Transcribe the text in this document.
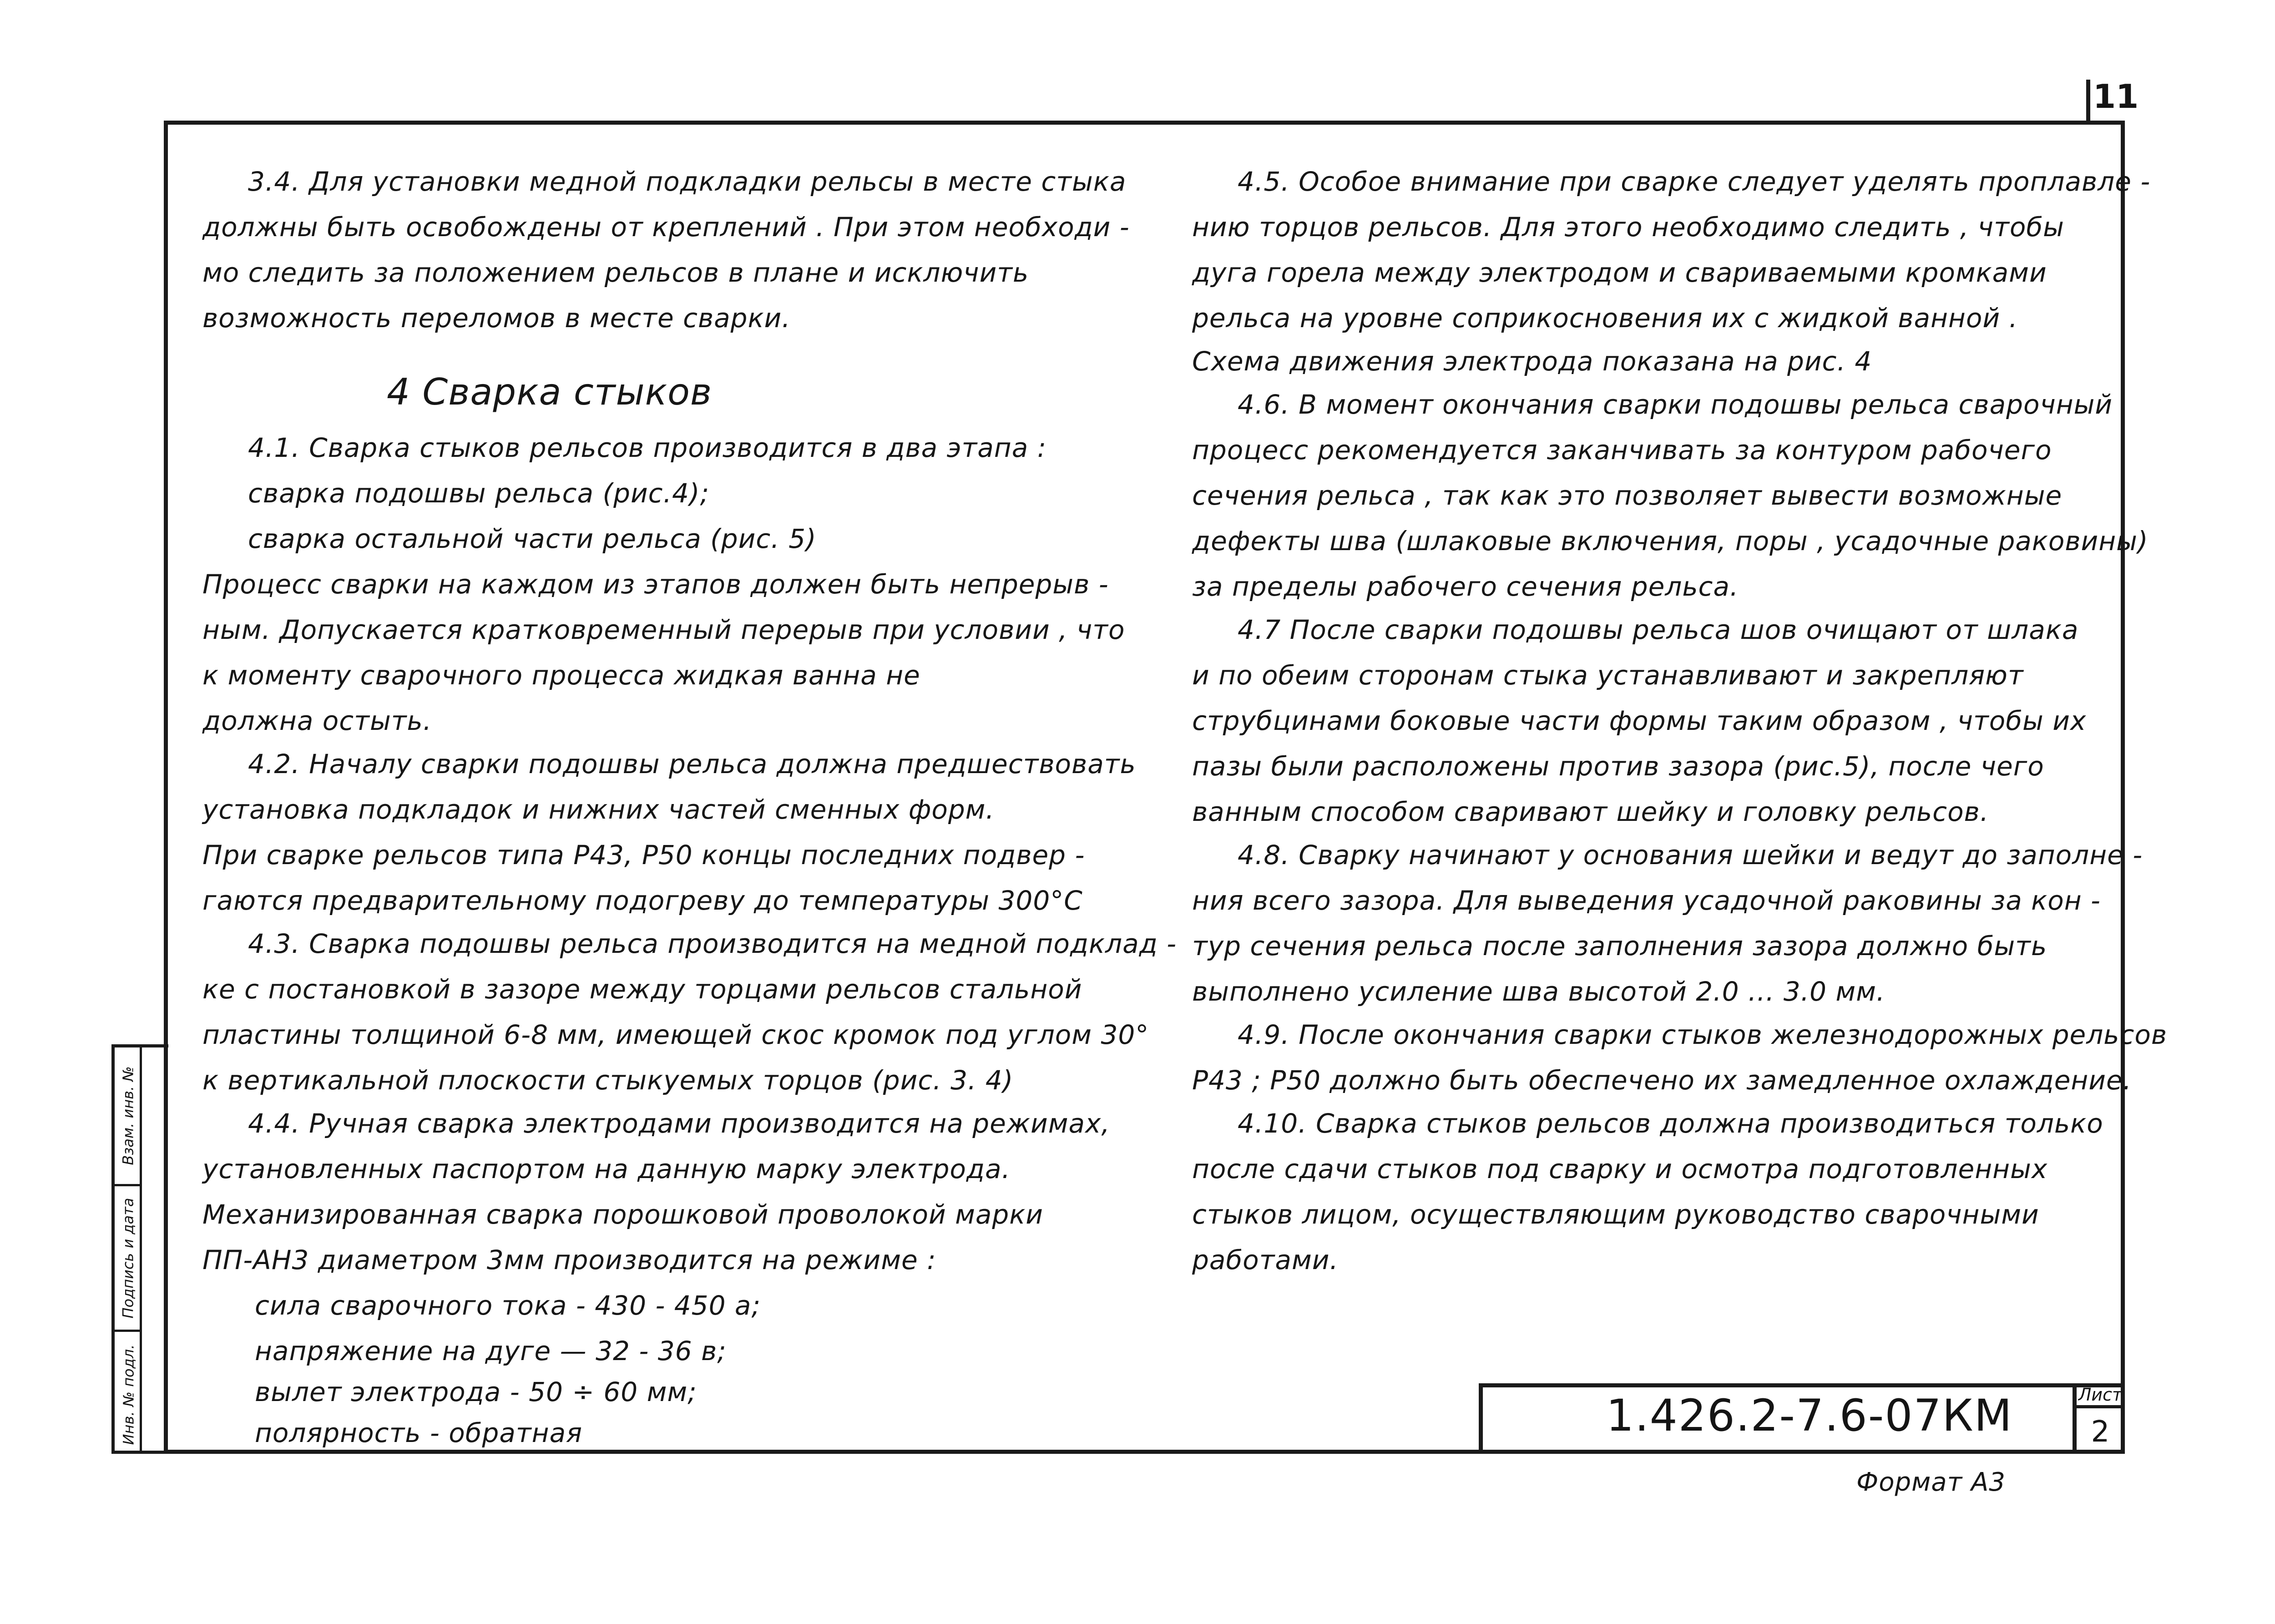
11
Взам. инв. №
Подпись и дата
Инв. № подл.
3.4. Для установки медной подкладки рельсы в месте стыка
должны быть освобождены от креплений . При этом необходи -
мо следить за положением рельсов в плане и исключить
возможность переломов в месте сварки.
4 Сварка стыков
4.1. Сварка стыков рельсов производится в два этапа :
сварка подошвы рельса (рис.4);
сварка остальной части рельса (рис. 5)
Процесс сварки на каждом из этапов должен быть непрерыв -
ным. Допускается кратковременный перерыв при условии , что
к моменту сварочного процесса жидкая ванна не
должна остыть.
4.2. Началу сварки подошвы рельса должна предшествовать
установка подкладок и нижних частей сменных форм.
При сварке рельсов типа Р43, Р50 концы последних подвер -
гаются предварительному подогреву до температуры 300°С
4.3. Сварка подошвы рельса производится на медной подклад -
ке с постановкой в зазоре между торцами рельсов стальной
пластины толщиной 6-8 мм, имеющей скос кромок под углом 30°
к вертикальной плоскости стыкуемых торцов (рис. 3. 4)
4.4. Ручная сварка электродами производится на режимах,
установленных паспортом на данную марку электрода.
Механизированная сварка порошковой проволокой марки
ПП-АН3 диаметром 3мм производится на режиме :
сила сварочного тока - 430 - 450 а;
напряжение на дуге — 32 - 36 в;
вылет электрода - 50 ÷ 60 мм;
полярность - обратная
4.5. Особое внимание при сварке следует уделять проплавле -
нию торцов рельсов. Для этого необходимо следить , чтобы
дуга горела между электродом и свариваемыми кромками
рельса на уровне соприкосновения их с жидкой ванной .
Схема движения электрода показана на рис. 4
4.6. В момент окончания сварки подошвы рельса сварочный
процесс рекомендуется заканчивать за контуром рабочего
сечения рельса , так как это позволяет вывести возможные
дефекты шва (шлаковые включения, поры , усадочные раковины)
за пределы рабочего сечения рельса.
4.7 После сварки подошвы рельса шов очищают от шлака
и по обеим сторонам стыка устанавливают и закрепляют
струбцинами боковые части формы таким образом , чтобы их
пазы были расположены против зазора (рис.5), после чего
ванным способом сваривают шейку и головку рельсов.
4.8. Сварку начинают у основания шейки и ведут до заполне -
ния всего зазора. Для выведения усадочной раковины за кон -
тур сечения рельса после заполнения зазора должно быть
выполнено усиление шва высотой 2.0 ... 3.0 мм.
4.9. После окончания сварки стыков железнодорожных рельсов
Р43 ; Р50 должно быть обеспечено их замедленное охлаждение.
4.10. Сварка стыков рельсов должна производиться только
после сдачи стыков под сварку и осмотра подготовленных
стыков лицом, осуществляющим руководство сварочными
работами.
1.426.2-7.6-07КМ	Лист
2
Формат А3
